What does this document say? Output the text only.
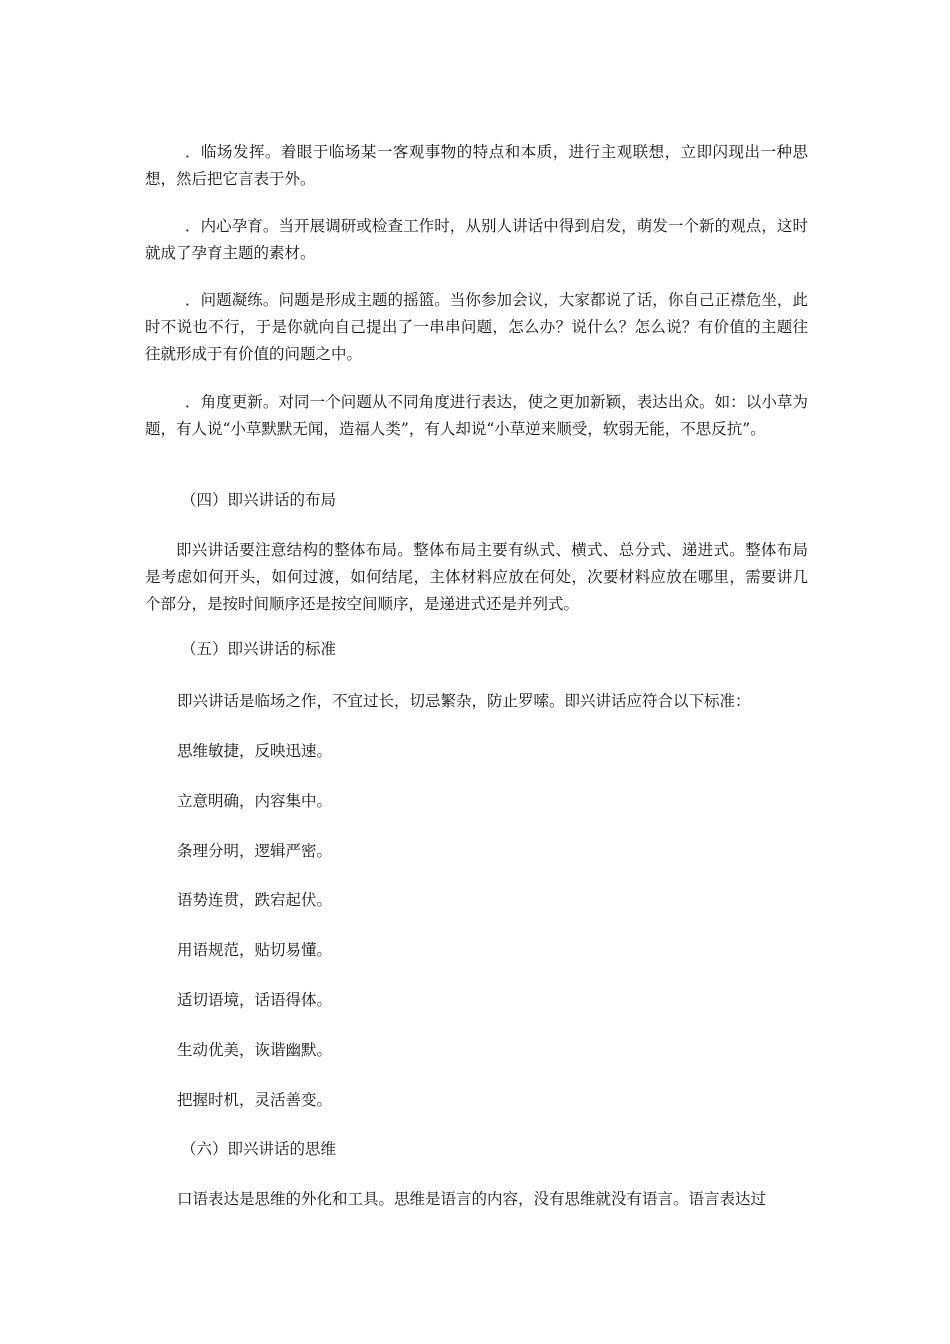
．临场发挥。着眼于临场某一客观事物的特点和本质，进行主观联想，立即闪现出一种思想，然后把它言表于外。

．内心孕育。当开展调研或检查工作时，从别人讲话中得到启发，萌发一个新的观点，这时就成了孕育主题的素材。

．问题凝练。问题是形成主题的摇篮。当你参加会议，大家都说了话，你自己正襟危坐，此时不说也不行，于是你就向自己提出了一串串问题，怎么办？说什么？怎么说？有价值的主题往往就形成于有价值的问题之中。

．角度更新。对同一个问题从不同角度进行表达，使之更加新颖，表达出众。如：以小草为题，有人说“小草默默无闻，造福人类”，有人却说“小草逆来顺受，软弱无能，不思反抗”。

（四）即兴讲话的布局

即兴讲话要注意结构的整体布局。整体布局主要有纵式、横式、总分式、递进式。整体布局是考虑如何开头，如何过渡，如何结尾，主体材料应放在何处，次要材料应放在哪里，需要讲几个部分，是按时间顺序还是按空间顺序，是递进式还是并列式。

（五）即兴讲话的标准

即兴讲话是临场之作，不宜过长，切忌繁杂，防止罗嗦。即兴讲话应符合以下标准：

思维敏捷，反映迅速。

立意明确，内容集中。

条理分明，逻辑严密。

语势连贯，跌宕起伏。

用语规范，贴切易懂。

适切语境，话语得体。

生动优美，诙谐幽默。

把握时机，灵活善变。

（六）即兴讲话的思维

口语表达是思维的外化和工具。思维是语言的内容，没有思维就没有语言。语言表达过
